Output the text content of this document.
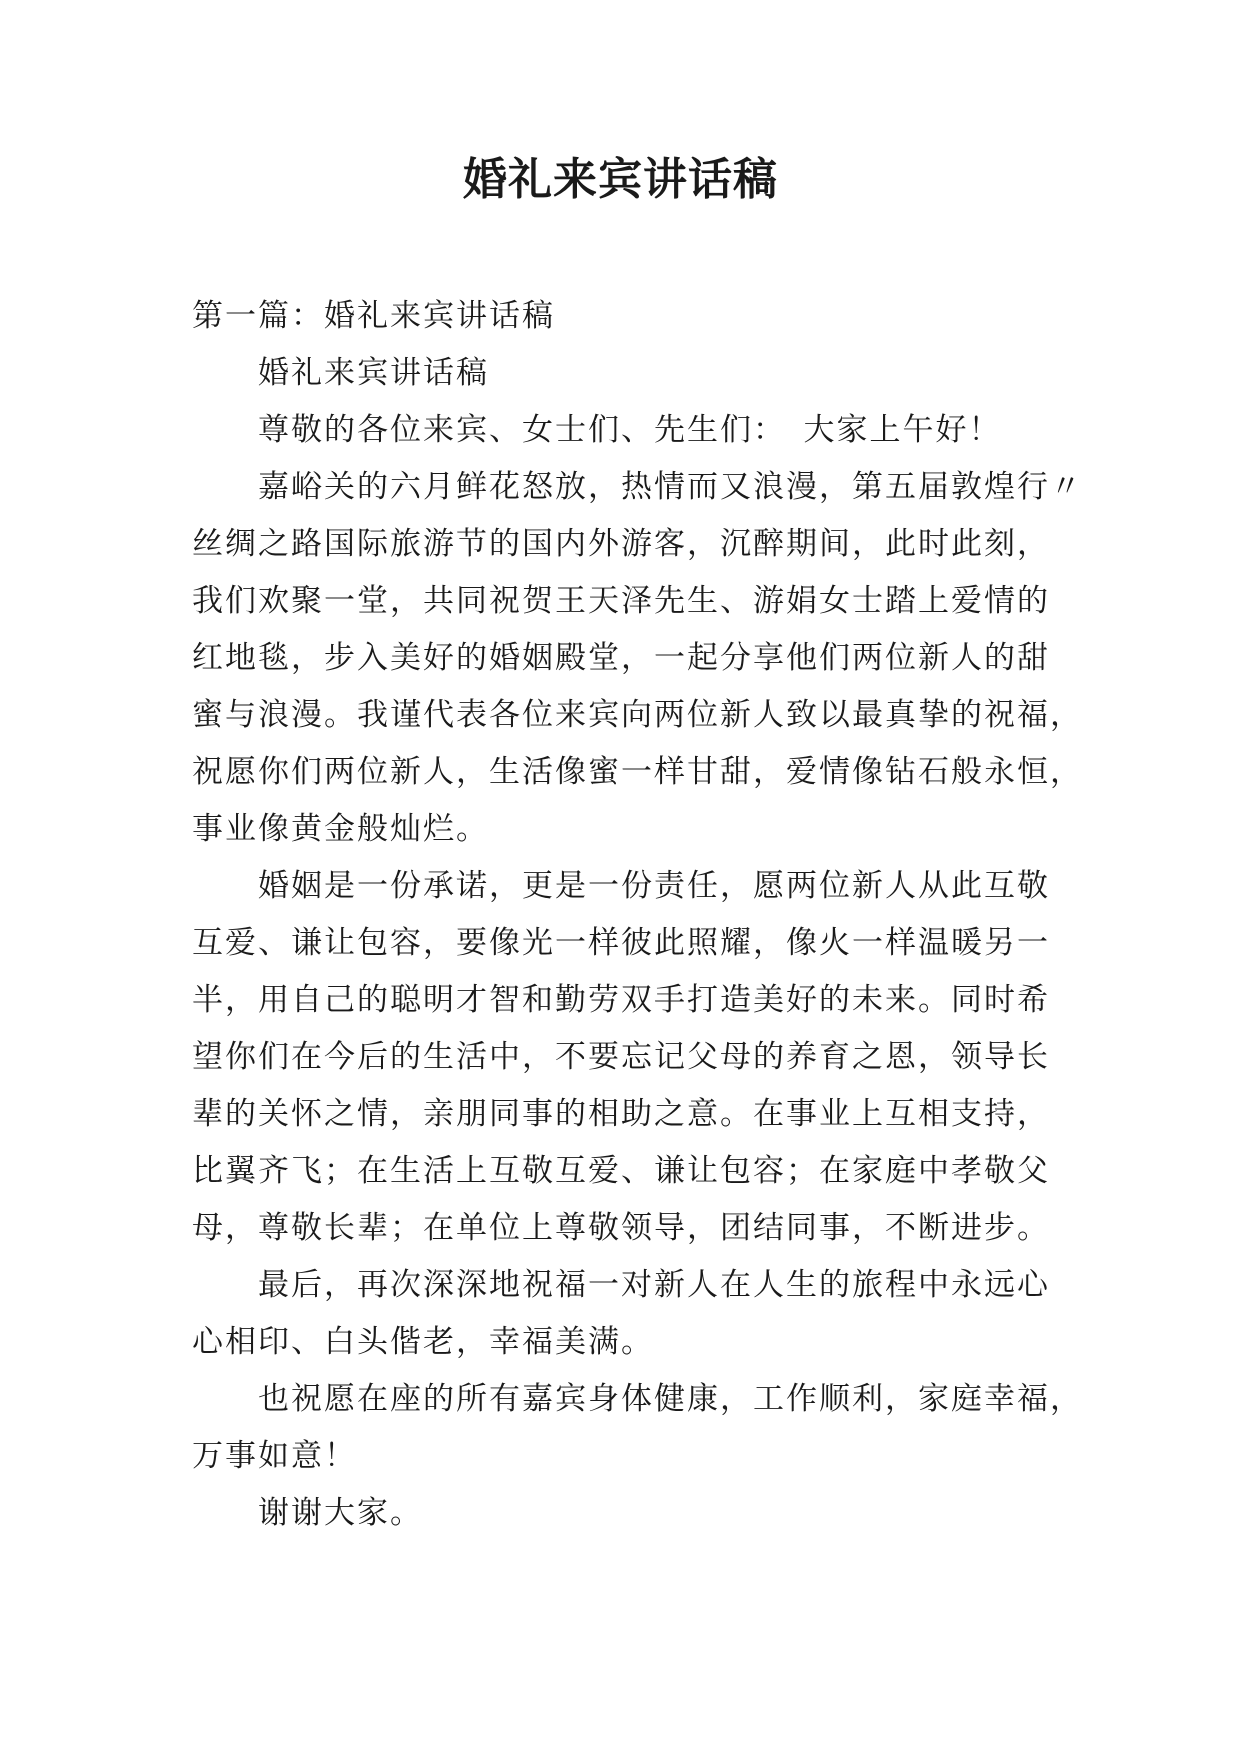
婚礼来宾讲话稿
第一篇：婚礼来宾讲话稿
婚礼来宾讲话稿
尊敬的各位来宾、女士们、先生们：　大家上午好！
嘉峪关的六月鲜花怒放，热情而又浪漫，第五届敦煌行〃
丝绸之路国际旅游节的国内外游客，沉醉期间，此时此刻，
我们欢聚一堂，共同祝贺王天泽先生、游娟女士踏上爱情的
红地毯，步入美好的婚姻殿堂，一起分享他们两位新人的甜
蜜与浪漫。我谨代表各位来宾向两位新人致以最真挚的祝福，
祝愿你们两位新人，生活像蜜一样甘甜，爱情像钻石般永恒，
事业像黄金般灿烂。
婚姻是一份承诺，更是一份责任，愿两位新人从此互敬
互爱、谦让包容，要像光一样彼此照耀，像火一样温暖另一
半，用自己的聪明才智和勤劳双手打造美好的未来。同时希
望你们在今后的生活中，不要忘记父母的养育之恩，领导长
辈的关怀之情，亲朋同事的相助之意。在事业上互相支持，
比翼齐飞；在生活上互敬互爱、谦让包容；在家庭中孝敬父
母，尊敬长辈；在单位上尊敬领导，团结同事，不断进步。
最后，再次深深地祝福一对新人在人生的旅程中永远心
心相印、白头偕老，幸福美满。
也祝愿在座的所有嘉宾身体健康，工作顺利，家庭幸福，
万事如意！
谢谢大家。
